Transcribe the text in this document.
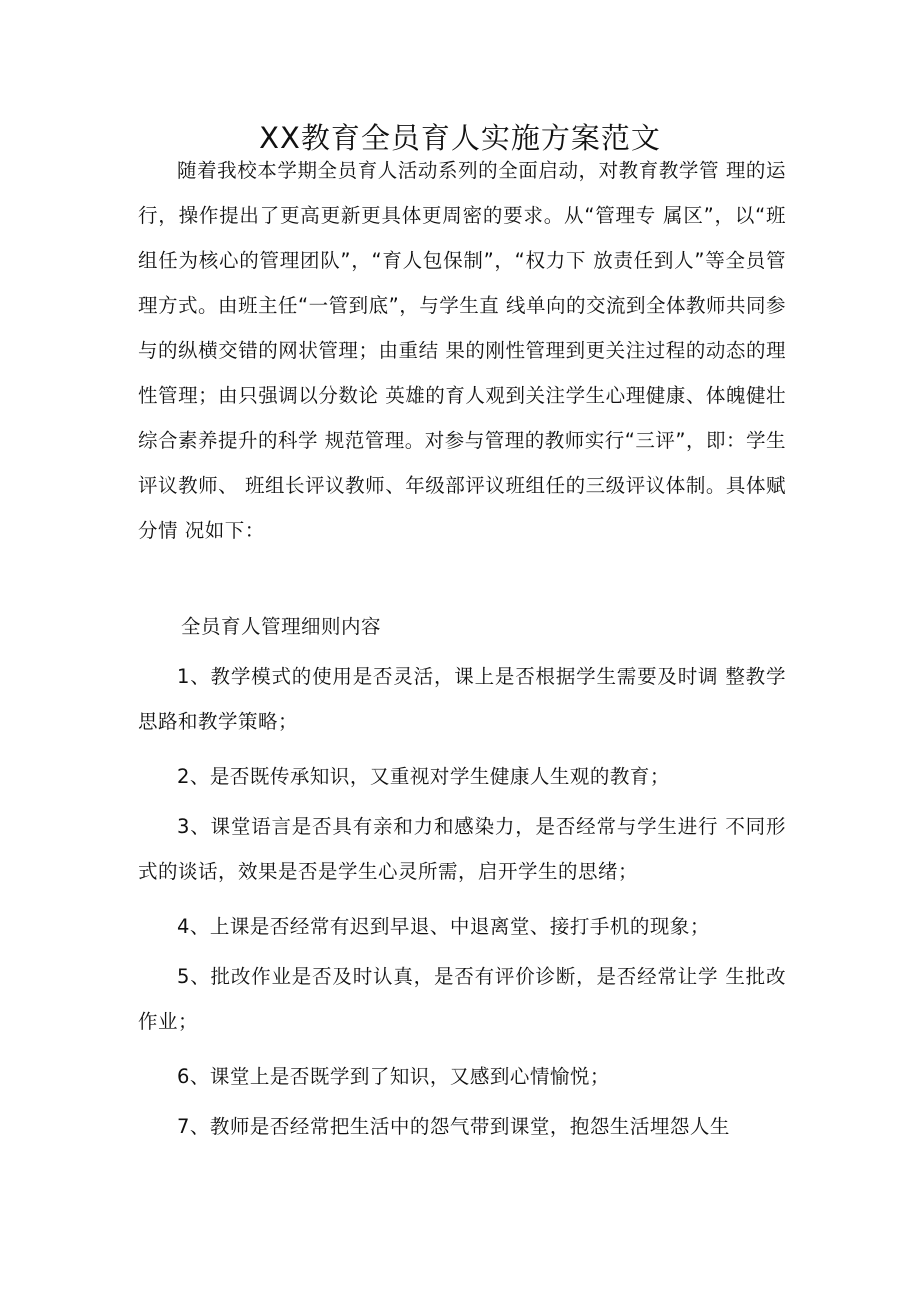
XX教育全员育人实施方案范文
随着我校本学期全员育人活动系列的全面启动，对教育教学管 理的运行，操作提出了更高更新更具体更周密的要求。从“管理专 属区”，以“班组任为核心的管理团队”，“育人包保制”，“权力下 放责任到人”等全员管理方式。由班主任“一管到底”，与学生直 线单向的交流到全体教师共同参与的纵横交错的网状管理；由重结 果的刚性管理到更关注过程的动态的理性管理；由只强调以分数论 英雄的育人观到关注学生心理健康、体魄健壮综合素养提升的科学 规范管理。对参与管理的教师实行“三评”，即：学生评议教师、 班组长评议教师、年级部评议班组任的三级评议体制。具体赋分情 况如下：
全员育人管理细则内容
1、教学模式的使用是否灵活，课上是否根据学生需要及时调 整教学思路和教学策略；
2、是否既传承知识，又重视对学生健康人生观的教育；
3、课堂语言是否具有亲和力和感染力，是否经常与学生进行 不同形式的谈话，效果是否是学生心灵所需，启开学生的思绪；
4、上课是否经常有迟到早退、中退离堂、接打手机的现象；
5、批改作业是否及时认真，是否有评价诊断，是否经常让学 生批改作业；
6、课堂上是否既学到了知识，又感到心情愉悦；
7、教师是否经常把生活中的怨气带到课堂，抱怨生活埋怨人生
